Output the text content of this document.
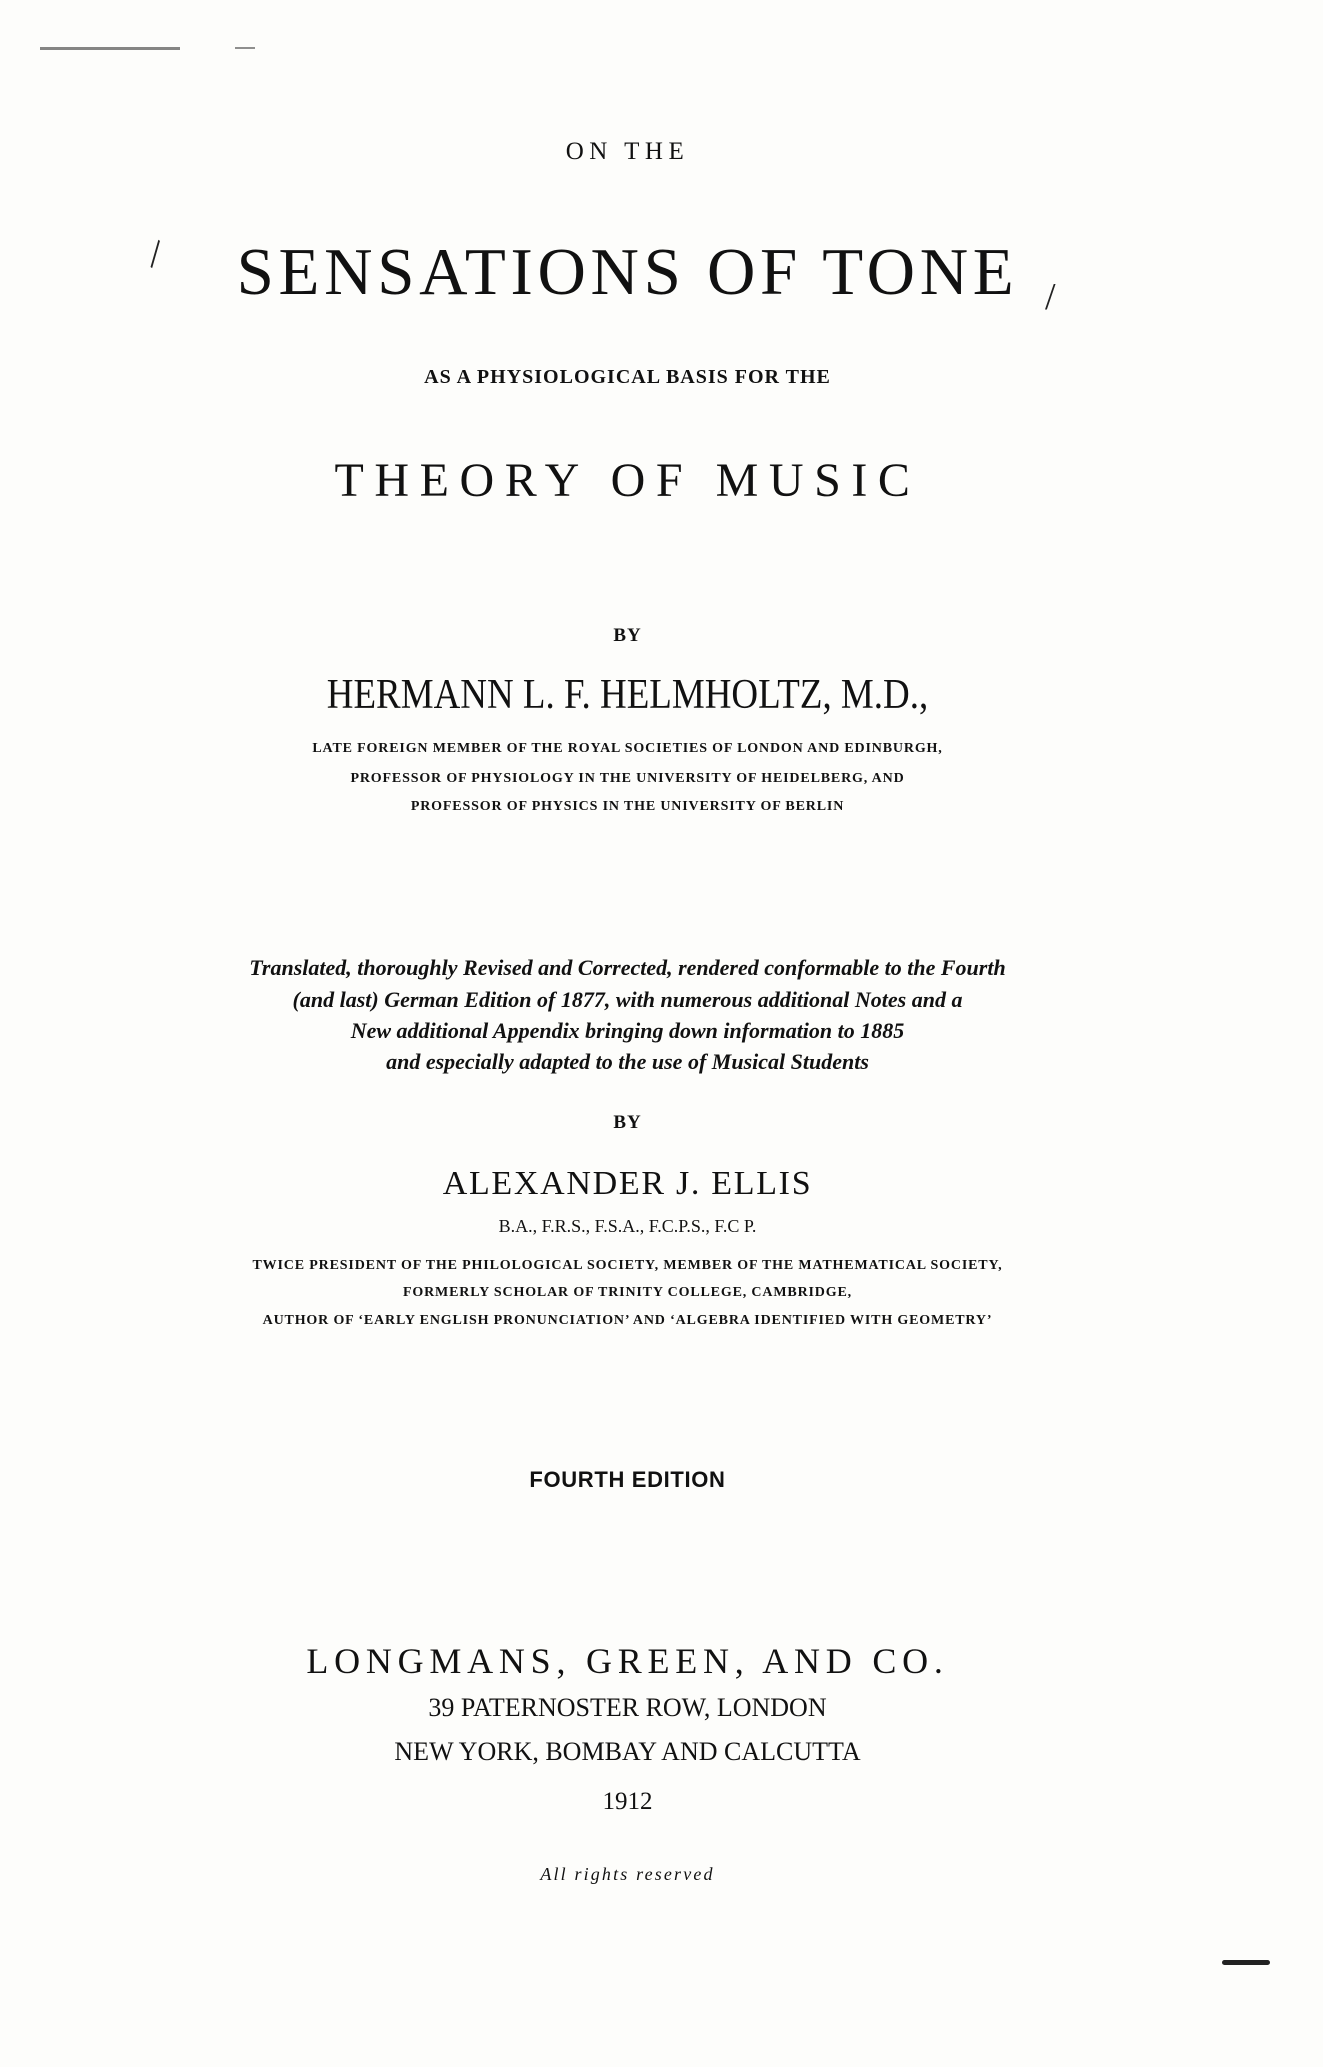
\
/
ON THE
SENSATIONS OF TONE
AS A PHYSIOLOGICAL BASIS FOR THE
THEORY OF MUSIC
BY
HERMANN L. F. HELMHOLTZ, M.D.,
LATE FOREIGN MEMBER OF THE ROYAL SOCIETIES OF LONDON AND EDINBURGH,
PROFESSOR OF PHYSIOLOGY IN THE UNIVERSITY OF HEIDELBERG, AND
PROFESSOR OF PHYSICS IN THE UNIVERSITY OF BERLIN
Translated, thoroughly Revised and Corrected, rendered conformable to the Fourth
(and last) German Edition of 1877, with numerous additional Notes and a
New additional Appendix bringing down information to 1885
and especially adapted to the use of Musical Students
BY
ALEXANDER J. ELLIS
B.A., F.R.S., F.S.A., F.C.P.S., F.C P.
TWICE PRESIDENT OF THE PHILOLOGICAL SOCIETY, MEMBER OF THE MATHEMATICAL SOCIETY,
FORMERLY SCHOLAR OF TRINITY COLLEGE, CAMBRIDGE,
AUTHOR OF ‘EARLY ENGLISH PRONUNCIATION’ AND ‘ALGEBRA IDENTIFIED WITH GEOMETRY’
FOURTH EDITION
LONGMANS, GREEN, AND CO.
39 PATERNOSTER ROW, LONDON
NEW YORK, BOMBAY AND CALCUTTA
1912
All rights reserved
